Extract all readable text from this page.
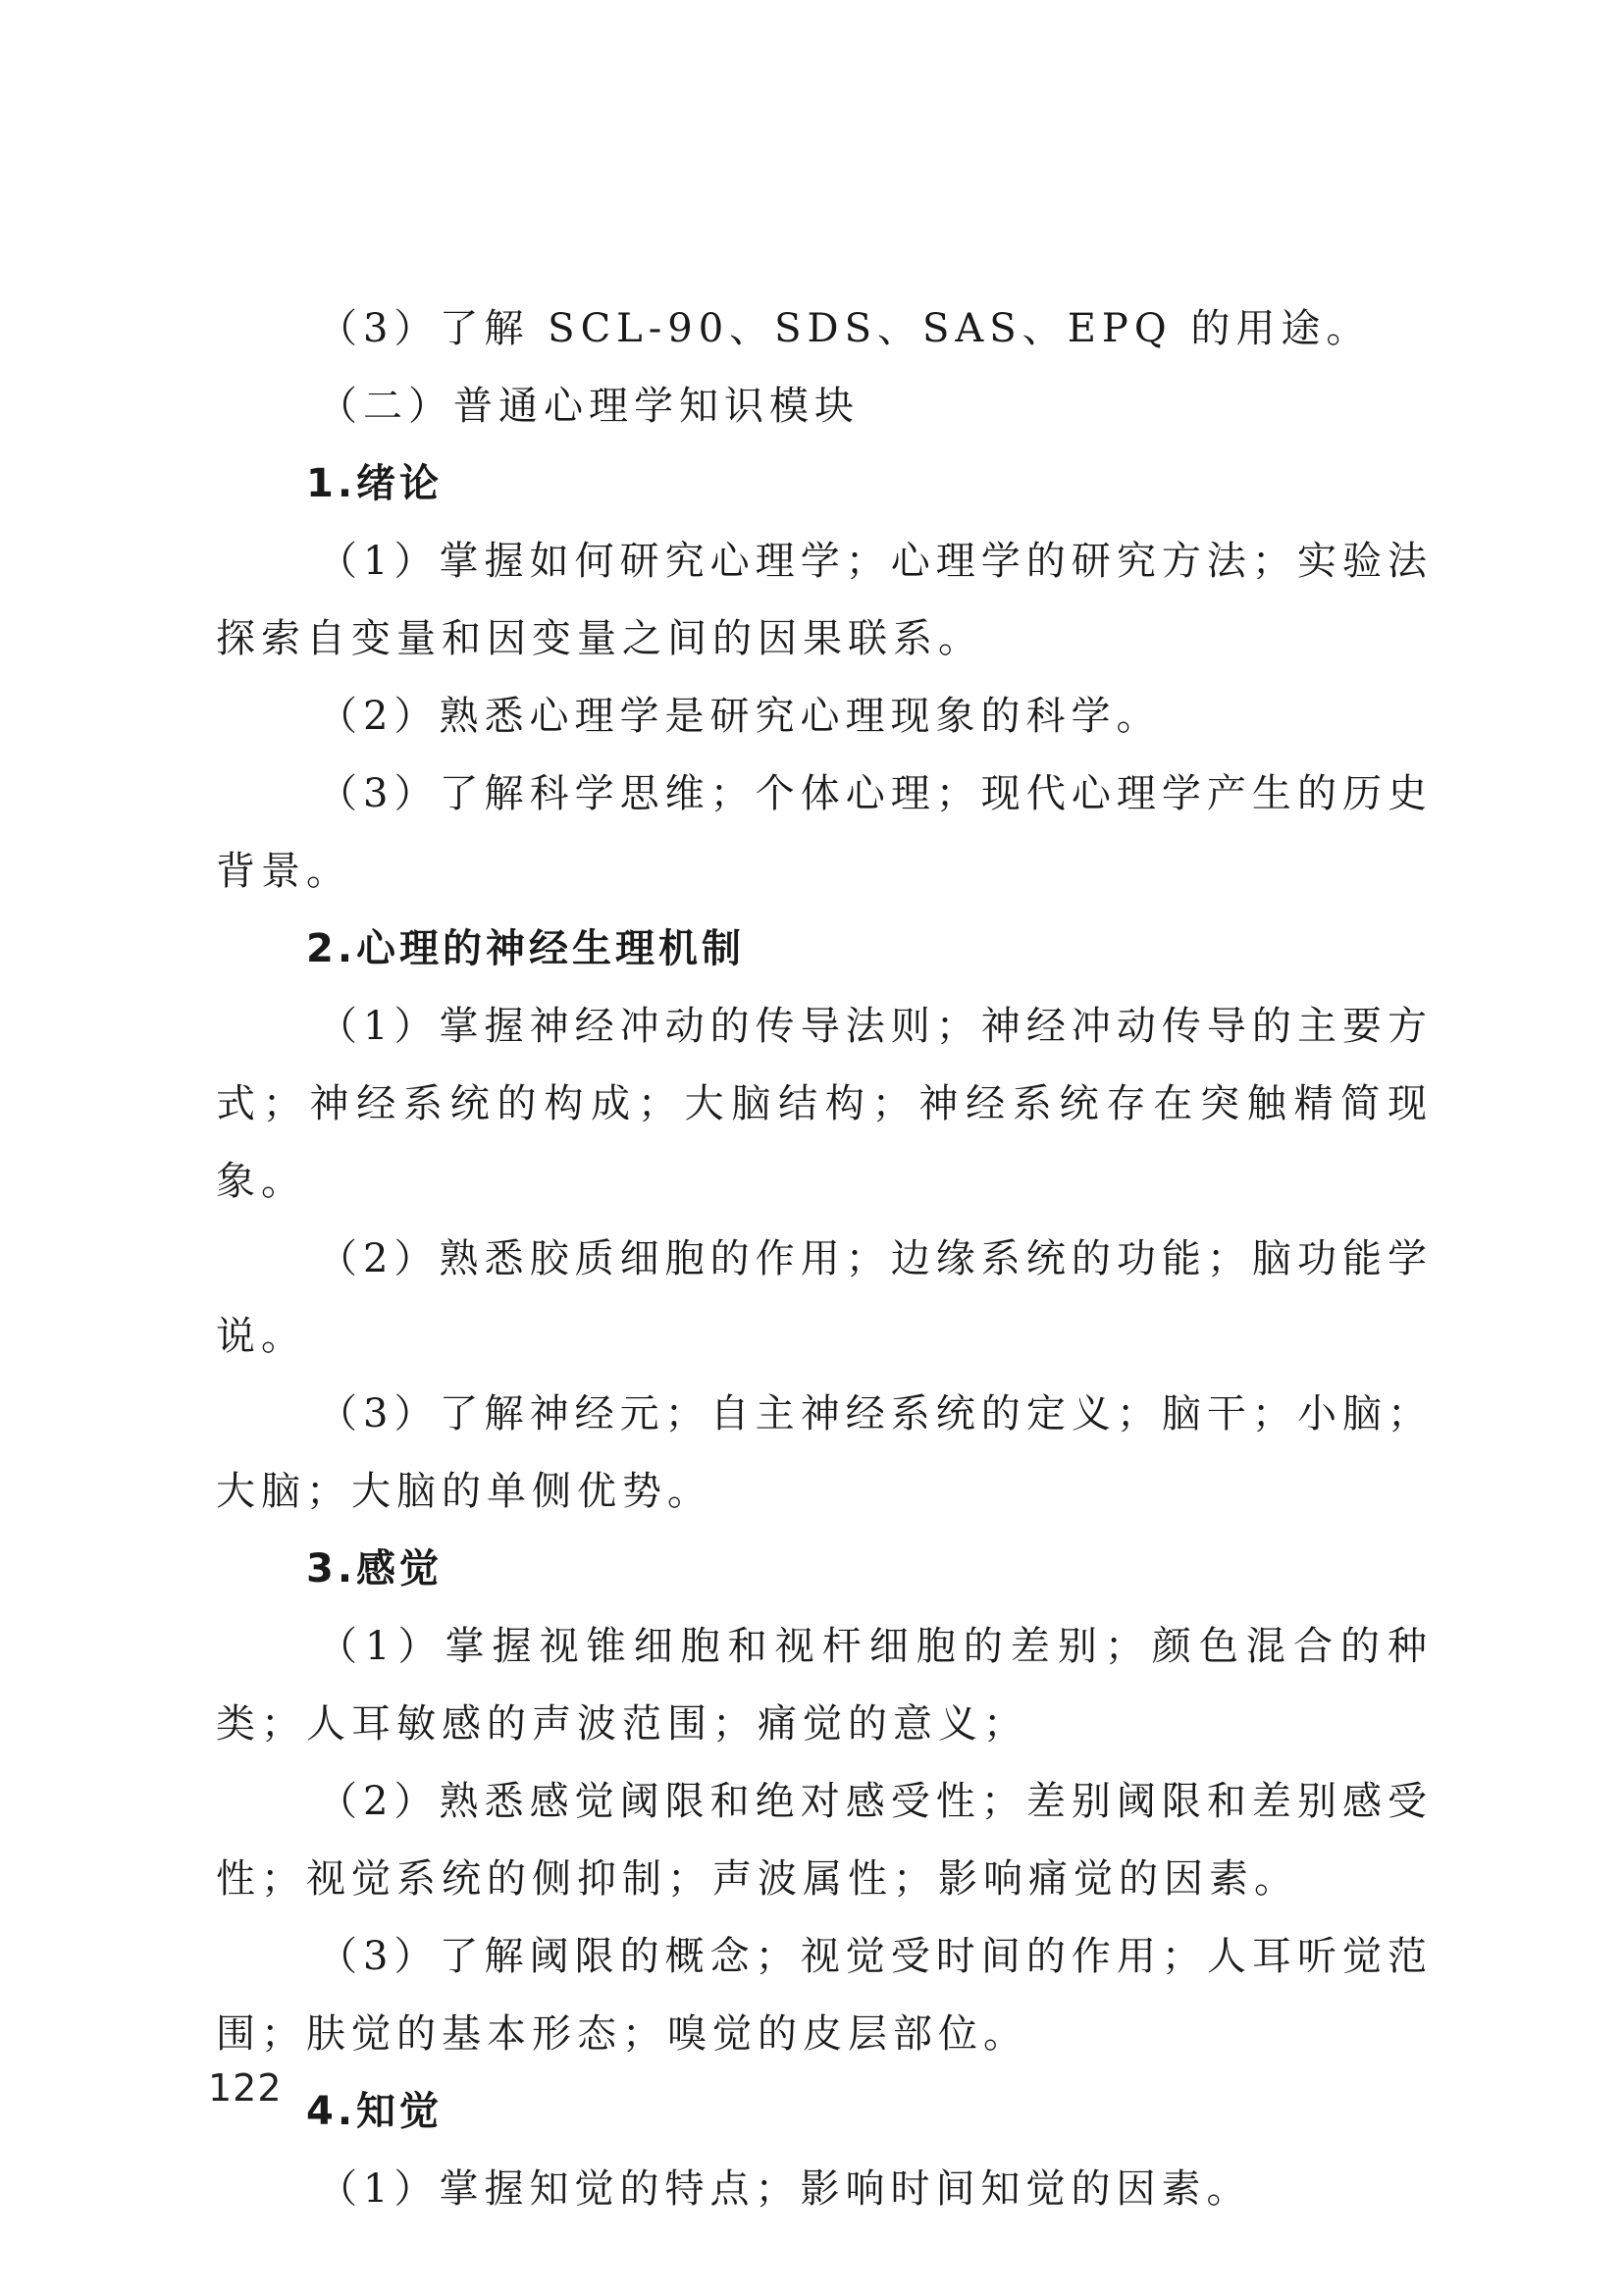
（3）了解 SCL-90、SDS、SAS、EPQ 的用途。

（二）普通心理学知识模块

1.绪论

（1）掌握如何研究心理学；心理学的研究方法；实验法探索自变量和因变量之间的因果联系。

（2）熟悉心理学是研究心理现象的科学。

（3）了解科学思维；个体心理；现代心理学产生的历史背景。

2.心理的神经生理机制

（1）掌握神经冲动的传导法则；神经冲动传导的主要方式；神经系统的构成；大脑结构；神经系统存在突触精简现象。

（2）熟悉胶质细胞的作用；边缘系统的功能；脑功能学说。

（3）了解神经元；自主神经系统的定义；脑干；小脑；大脑；大脑的单侧优势。

3.感觉

（1）掌握视锥细胞和视杆细胞的差别；颜色混合的种类；人耳敏感的声波范围；痛觉的意义；

（2）熟悉感觉阈限和绝对感受性；差别阈限和差别感受性；视觉系统的侧抑制；声波属性；影响痛觉的因素。

（3）了解阈限的概念；视觉受时间的作用；人耳听觉范围；肤觉的基本形态；嗅觉的皮层部位。

4.知觉

（1）掌握知觉的特点；影响时间知觉的因素。

122
